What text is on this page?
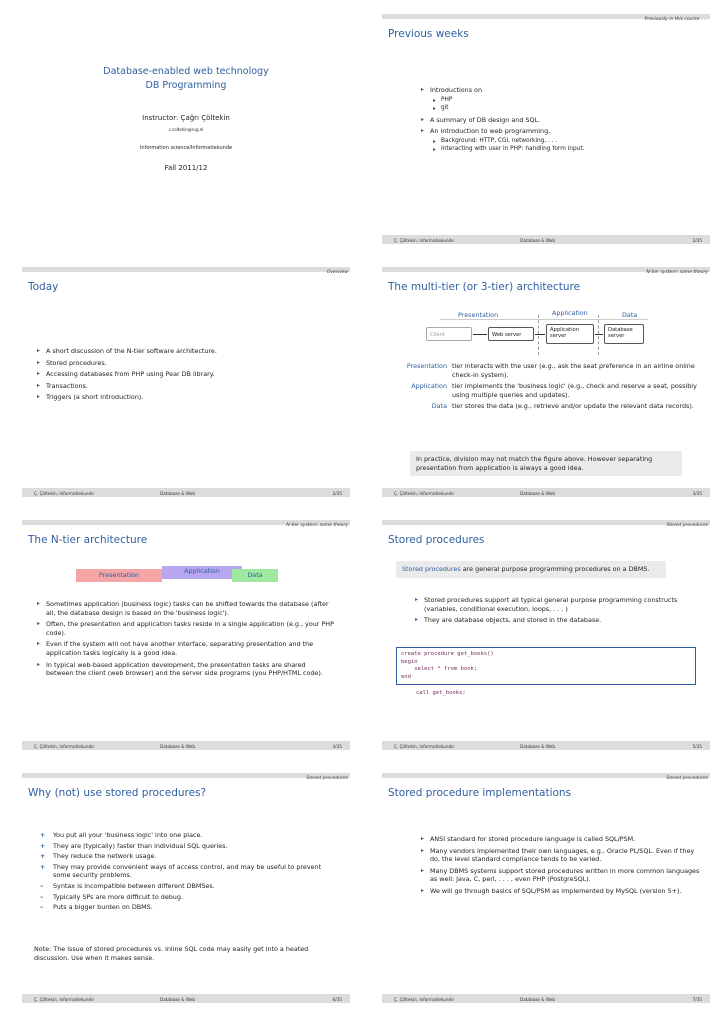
Database-enabled web technology
DB Programming
Instructor: Çağrı Çöltekin
c.coltekin@rug.nl
Information science/Informatiekunde
Fall 2011/12
Previously in this course . . .
Previous weeks
▸ Introductions on
▸ PHP
▸ git
▸ A summary of DB design and SQL.
▸ An introduction to web programming,
▸ Background: HTTP, CGI, networking, . . .
▸ Interacting with user in PHP: handling form input.
Ç. Çöltekin, Informatiekunde	Database & Web	2/35
Overview
Today
▸ A short discussion of the N-tier software architecture.
▸ Stored procedures.
▸ Accessing databases from PHP using Pear DB library.
▸ Transactions.
▸ Triggers (a short introduction).
Ç. Çöltekin, Informatiekunde	Database & Web	2/35
N-tier system: some theory
The multi-tier (or 3-tier) architecture
Presentation	Application	Data
Client	Web server
Application server
Database server
Presentation tier interacts with the user (e.g., ask the seat preference in an airline online check-in system).
Application tier implements the 'business logic' (e.g., check and reserve a seat, possibly using multiple queries and updates).
Data tier stores the data (e.g., retrieve and/or update the relevant data records).
In practice, division may not match the figure above. However separating presentation from application is always a good idea.
Ç. Çöltekin, Informatiekunde	Database & Web	3/35
N-tier system: some theory
The N-tier architecture
Presentation	Application	Data
▸ Sometimes application (business logic) tasks can be shifted towards the database (after all, the database design is based on the 'business logic').
▸ Often, the presentation and application tasks reside in a single application (e.g., your PHP code).
▸ Even if the system will not have another interface, separating presentation and the application tasks logically is a good idea.
▸ In typical web-based application development, the presentation tasks are shared between the client (web browser) and the server side programs (you PHP/HTML code).
Ç. Çöltekin, Informatiekunde	Database & Web	4/35
Stored procedures
Stored procedures
Stored procedures are general purpose programming procedures on a DBMS.
▸ Stored procedures support all typical general purpose programming constructs (variables, conditional execution, loops, . . . )
▸ They are database objects, and stored in the database.
create procedure get_books()
begin
select * from book;
end
call get_books;
Ç. Çöltekin, Informatiekunde	Database & Web	5/35
Stored procedures
Why (not) use stored procedures?
+ You put all your 'business logic' into one place.
+ They are (typically) faster than individual SQL queries.
+ They reduce the network usage.
+ They may provide convenient ways of access control, and may be useful to prevent some security problems.
– Syntax is incompatible between different DBMSes.
– Typically SPs are more difficult to debug.
– Puts a bigger burden on DBMS.
Note: The issue of stored procedures vs. inline SQL code may easily get into a heated discussion. Use when it makes sense.
Ç. Çöltekin, Informatiekunde	Database & Web	6/35
Stored procedures
Stored procedure implementations
▸ ANSI standard for stored procedure language is called SQL/PSM.
▸ Many vendors implemented their own languages, e.g., Oracle PL/SQL. Even if they do, the level standard compliance tends to be varied.
▸ Many DBMS systems support stored procedures written in more common languages as well: Java, C, perl, . . . , even PHP (PostgreSQL).
▸ We will go through basics of SQL/PSM as implemented by MySQL (version 5+).
Ç. Çöltekin, Informatiekunde	Database & Web	7/35
